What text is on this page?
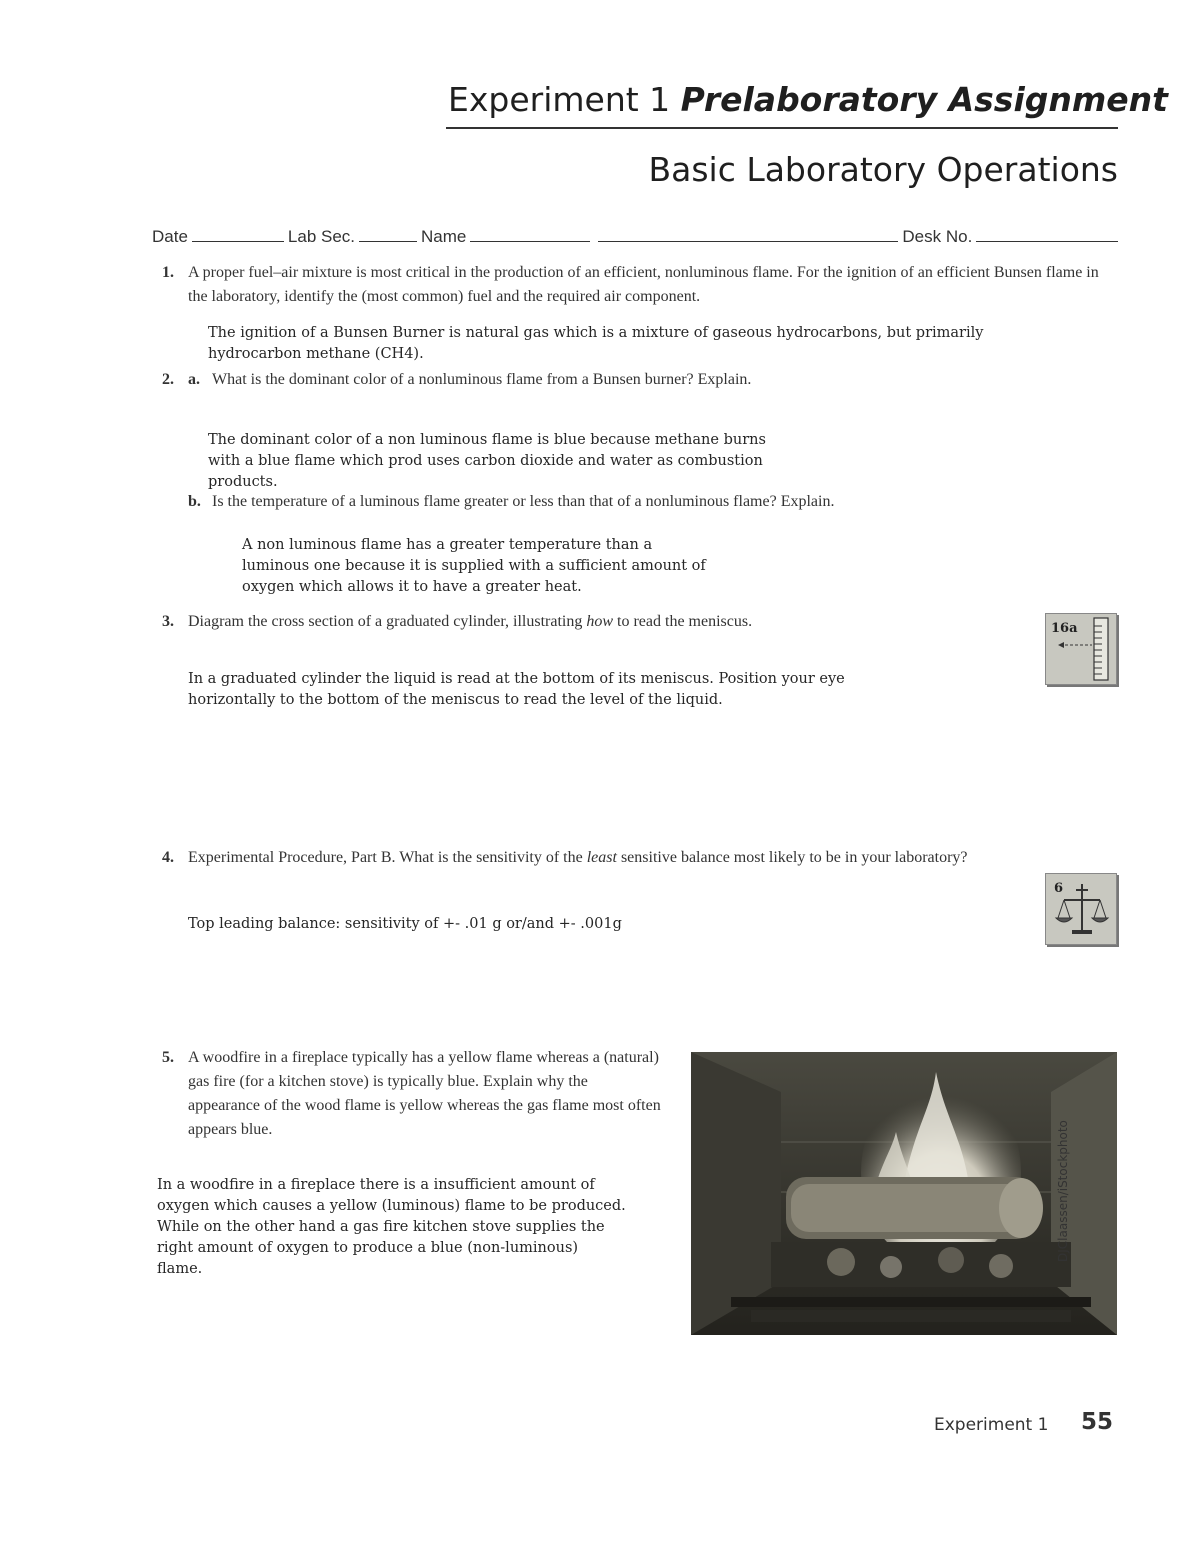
Experiment 1 Prelaboratory Assignment
Basic Laboratory Operations
Date	Lab Sec.	Name	Desk No.
1. A proper fuel–air mixture is most critical in the production of an efficient, nonluminous flame. For the ignition of an efficient Bunsen flame in the laboratory, identify the (most common) fuel and the required air component.
The ignition of a Bunsen Burner is natural gas which is a mixture of gaseous hydrocarbons, but primarily hydrocarbon methane (CH4).
2. a. What is the dominant color of a nonluminous flame from a Bunsen burner? Explain.
The dominant color of a non luminous flame is blue because methane burns with a blue flame which prod uses carbon dioxide and water as combustion products.
b. Is the temperature of a luminous flame greater or less than that of a nonluminous flame? Explain.
A non luminous flame has a greater temperature than a luminous one because it is supplied with a sufficient amount of oxygen which allows it to have a greater heat.
3. Diagram the cross section of a graduated cylinder, illustrating how to read the meniscus.
In a graduated cylinder the liquid is read at the bottom of its meniscus. Position your eye horizontally to the bottom of the meniscus to read the level of the liquid.
16a
4. Experimental Procedure, Part B. What is the sensitivity of the least sensitive balance most likely to be in your laboratory?
Top leading balance: sensitivity of +- .01 g or/and +- .001g
6
5. A woodfire in a fireplace typically has a yellow flame whereas a (natural) gas fire (for a kitchen stove) is typically blue. Explain why the appearance of the wood flame is yellow whereas the gas flame most often appears blue.
In a woodfire in a fireplace there is a insufficient amount of oxygen which causes a yellow (luminous) flame to be produced. While on the other hand a gas fire kitchen stove supplies the right amount of oxygen to produce a blue (non-luminous) flame.
DJClaassen/iStockphoto
Experiment 1 55
